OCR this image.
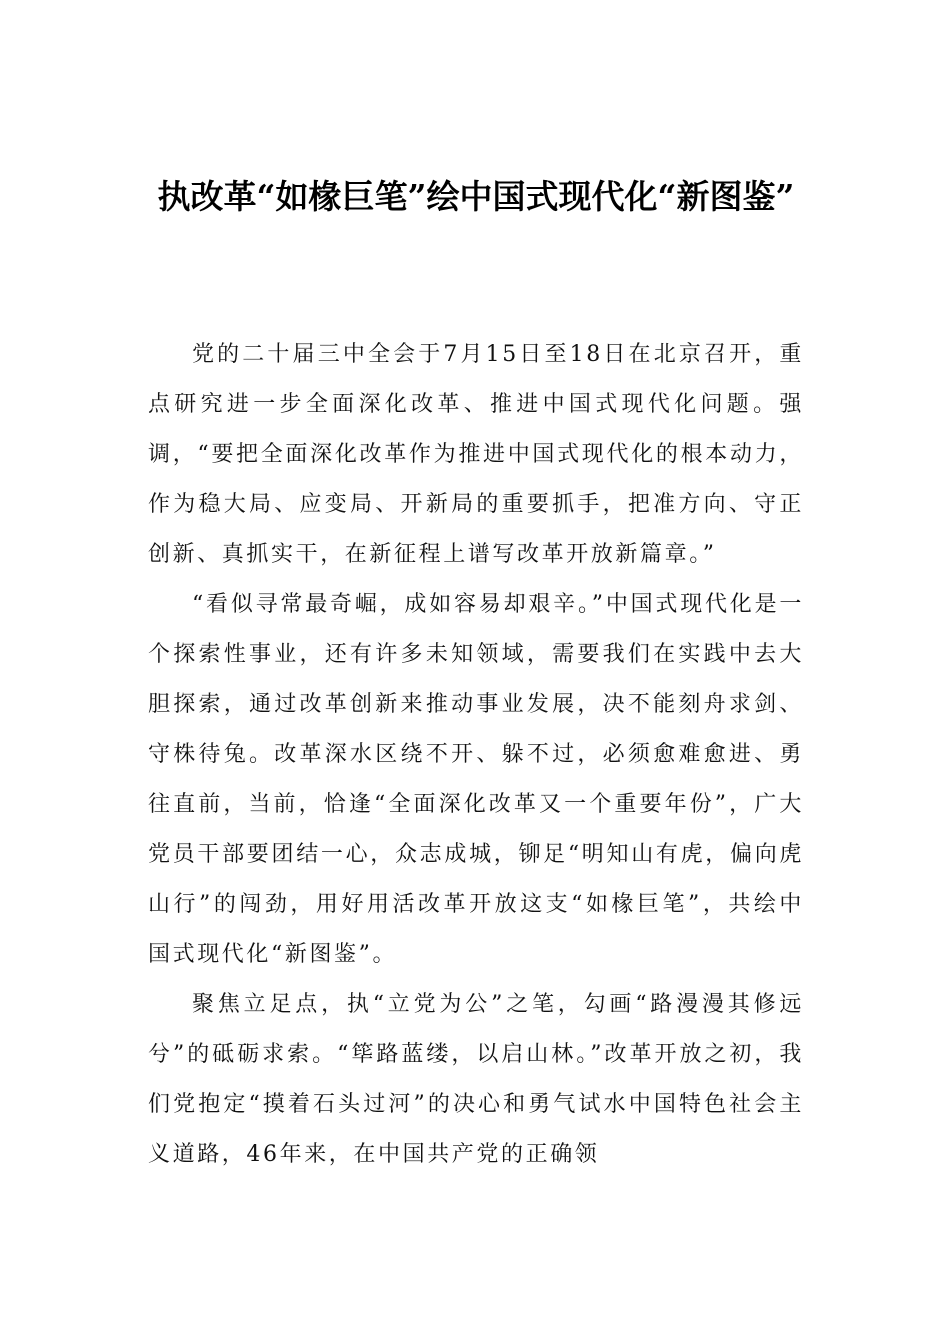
执改革“如椽巨笔”绘中国式现代化“新图鉴”

党的二十届三中全会于7月15日至18日在北京召开，重点研究进一步全面深化改革、推进中国式现代化问题。强调，“要把全面深化改革作为推进中国式现代化的根本动力，作为稳大局、应变局、开新局的重要抓手，把准方向、守正创新、真抓实干，在新征程上谱写改革开放新篇章。”

“看似寻常最奇崛，成如容易却艰辛。”中国式现代化是一个探索性事业，还有许多未知领域，需要我们在实践中去大胆探索，通过改革创新来推动事业发展，决不能刻舟求剑、守株待兔。改革深水区绕不开、躲不过，必须愈难愈进、勇往直前，当前，恰逢“全面深化改革又一个重要年份”，广大党员干部要团结一心，众志成城，铆足“明知山有虎，偏向虎山行”的闯劲，用好用活改革开放这支“如椽巨笔”，共绘中国式现代化“新图鉴”。

聚焦立足点，执“立党为公”之笔，勾画“路漫漫其修远兮”的砥砺求索。“筚路蓝缕，以启山林。”改革开放之初，我们党抱定“摸着石头过河”的决心和勇气试水中国特色社会主义道路，46年来，在中国共产党的正确领
